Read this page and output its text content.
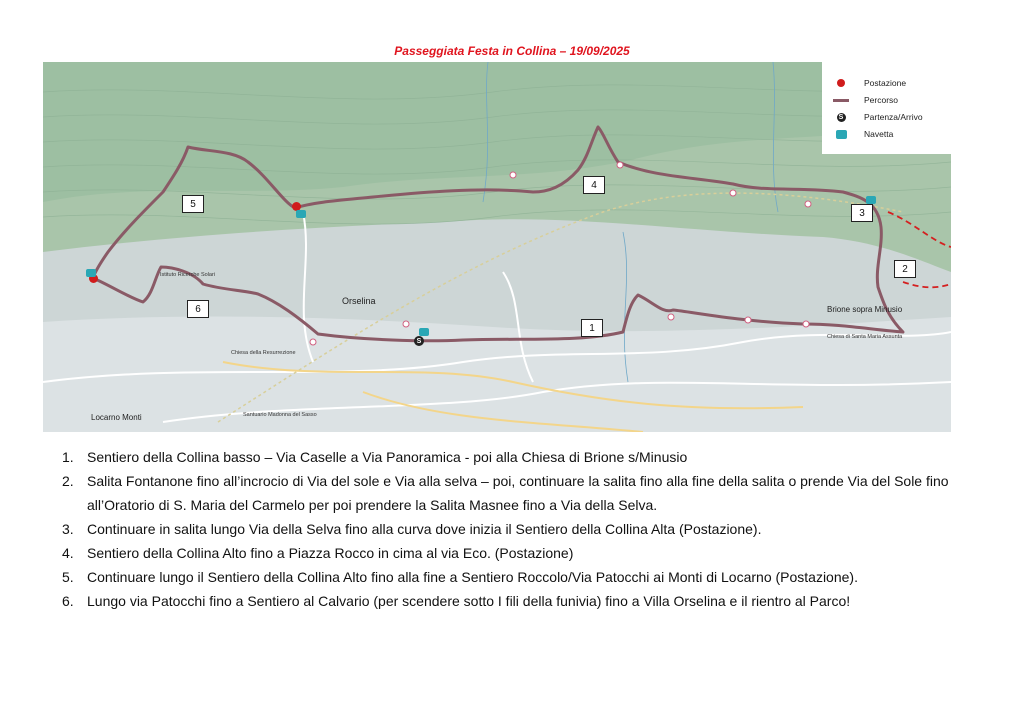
Passeggiata Festa in Collina – 19/09/2025
S
1
2
3
4
5
6
Orselina
Brione sopra Minusio
Locarno Monti
Istituto Ricerche Solari
Chiesa della Resurrezione
Chiesa di Santa Maria Assunta
Santuario Madonna del Sasso
Postazione
Percorso
S Partenza/Arrivo
Navetta
1. Sentiero della Collina basso – Via Caselle a Via Panoramica - poi alla Chiesa di Brione s/Minusio
2. Salita Fontanone fino all’incrocio di Via del sole e Via alla selva – poi, continuare la salita fino alla fine della salita o prende Via del Sole fino all’Oratorio di S. Maria del Carmelo per poi prendere la Salita Masnee fino a Via della Selva.
3. Continuare in salita lungo Via della Selva fino alla curva dove inizia il Sentiero della Collina Alta (Postazione).
4. Sentiero della Collina Alto fino a Piazza Rocco in cima al via Eco. (Postazione)
5. Continuare lungo il Sentiero della Collina Alto fino alla fine a Sentiero Roccolo/Via Patocchi ai Monti di Locarno (Postazione).
6. Lungo via Patocchi fino a Sentiero al Calvario (per scendere sotto I fili della funivia) fino a Villa Orselina e il rientro al Parco!
